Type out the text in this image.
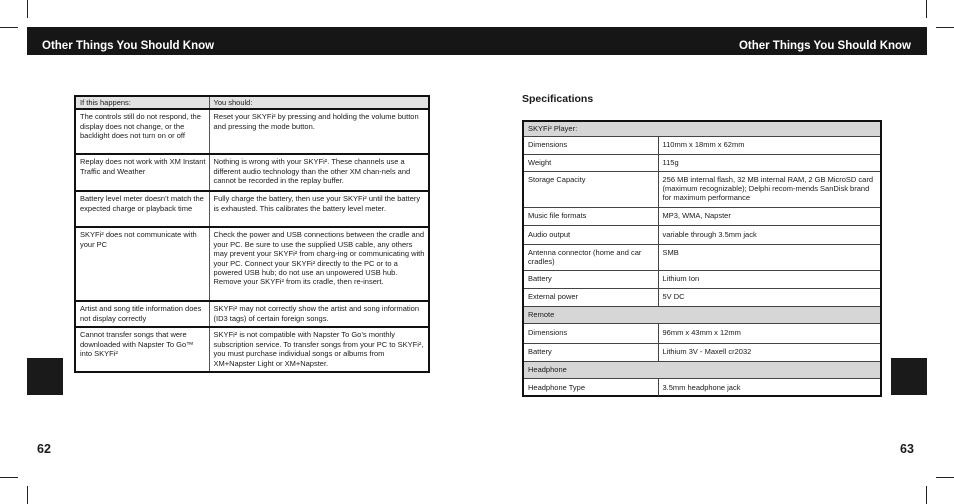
Other Things You Should Know	Other Things You Should Know
62	63
If this happens:	You should:
The controls still do not respond, the display does not change, or the backlight does not turn on or off	Reset your SKYFi² by pressing and holding the volume button and pressing the mode button.
Replay does not work with XM Instant Traffic and Weather	Nothing is wrong with your SKYFi². These channels use a different audio technology than the other XM chan-nels and cannot be recorded in the replay buffer.
Battery level meter doesn’t match the expected charge or playback time	Fully charge the battery, then use your SKYFi² until the battery is exhausted. This calibrates the battery level meter.
SKYFi² does not communicate with your PC	Check the power and USB connections between the cradle and your PC. Be sure to use the supplied USB cable, any others may prevent your SKYFi² from charg-ing or communicating with your PC. Connect your SKYFi² directly to the PC or to a powered USB hub; do not use an unpowered USB hub. Remove your SKYFi² from its cradle, then re-insert.
Artist and song title information does not display correctly	SKYFi² may not correctly show the artist and song information (ID3 tags) of certain foreign songs.
Cannot transfer songs that were downloaded with Napster To Go™ into SKYFi²	SKYFi² is not compatible with Napster To Go’s monthly subscription service. To transfer songs from your PC to SKYFi², you must purchase individual songs or albums from XM+Napster Light or XM+Napster.
Specifications
SKYFi² Player:	
Dimensions	110mm x 18mm x 62mm
Weight	115g
Storage Capacity	256 MB internal flash, 32 MB internal RAM, 2 GB MicroSD card (maximum recognizable); Delphi recom-mends SanDisk brand for maximum performance
Music file formats	MP3, WMA, Napster
Audio output	variable through 3.5mm jack
Antenna connector (home and car cradles)	SMB
Battery	Lithium Ion
External power	5V DC
Remote	
Dimensions	96mm x 43mm x 12mm
Battery	Lithium 3V - Maxell cr2032
Headphone	
Headphone Type	3.5mm headphone jack
